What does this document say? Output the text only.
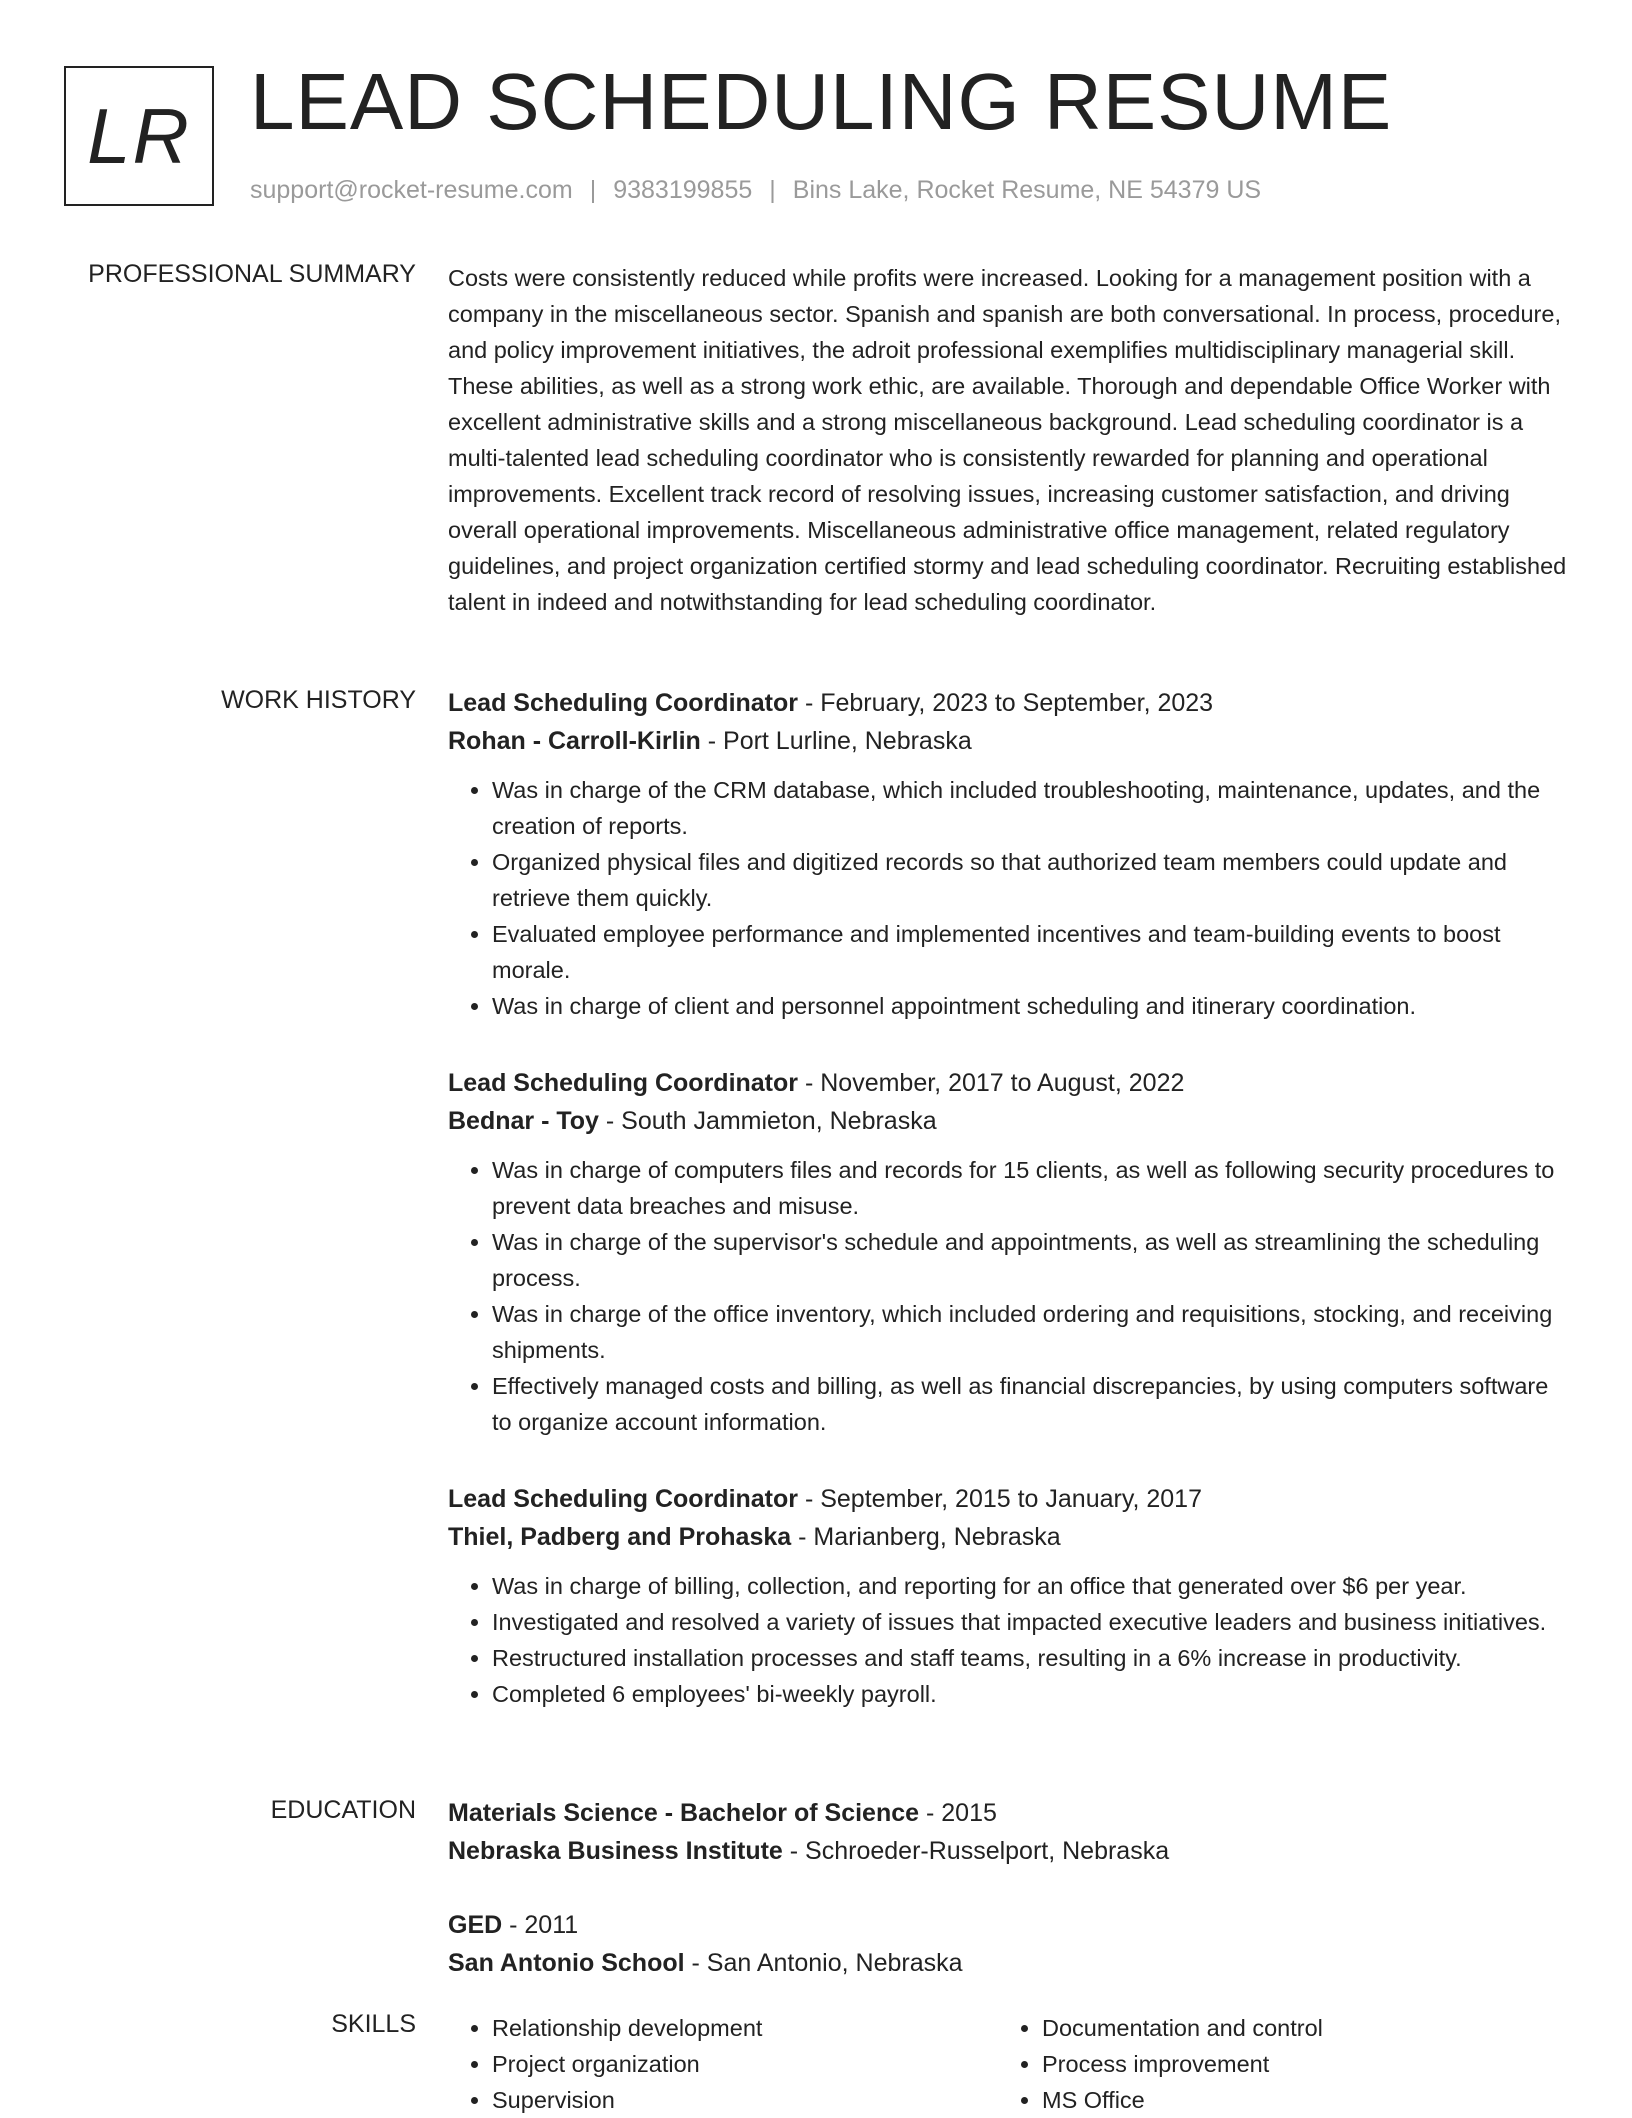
LR LEAD SCHEDULING RESUME
support@rocket-resume.com | 9383199855 | Bins Lake, Rocket Resume, NE 54379 US
PROFESSIONAL SUMMARY Costs were consistently reduced while profits were increased. Looking for a management position with a company in the miscellaneous sector. Spanish and spanish are both conversational. In process, procedure, and policy improvement initiatives, the adroit professional exemplifies multidisciplinary managerial skill. These abilities, as well as a strong work ethic, are available. Thorough and dependable Office Worker with excellent administrative skills and a strong miscellaneous background. Lead scheduling coordinator is a multi-talented lead scheduling coordinator who is consistently rewarded for planning and operational improvements. Excellent track record of resolving issues, increasing customer satisfaction, and driving overall operational improvements. Miscellaneous administrative office management, related regulatory guidelines, and project organization certified stormy and lead scheduling coordinator. Recruiting established talent in indeed and notwithstanding for lead scheduling coordinator.
WORK HISTORY Lead Scheduling Coordinator - February, 2023 to September, 2023
Rohan - Carroll-Kirlin - Port Lurline, Nebraska
• Was in charge of the CRM database, which included troubleshooting, maintenance, updates, and the creation of reports.
• Organized physical files and digitized records so that authorized team members could update and retrieve them quickly.
• Evaluated employee performance and implemented incentives and team-building events to boost morale.
• Was in charge of client and personnel appointment scheduling and itinerary coordination.
Lead Scheduling Coordinator - November, 2017 to August, 2022
Bednar - Toy - South Jammieton, Nebraska
• Was in charge of computers files and records for 15 clients, as well as following security procedures to prevent data breaches and misuse.
• Was in charge of the supervisor's schedule and appointments, as well as streamlining the scheduling process.
• Was in charge of the office inventory, which included ordering and requisitions, stocking, and receiving shipments.
• Effectively managed costs and billing, as well as financial discrepancies, by using computers software to organize account information.
Lead Scheduling Coordinator - September, 2015 to January, 2017
Thiel, Padberg and Prohaska - Marianberg, Nebraska
• Was in charge of billing, collection, and reporting for an office that generated over $6 per year.
• Investigated and resolved a variety of issues that impacted executive leaders and business initiatives.
• Restructured installation processes and staff teams, resulting in a 6% increase in productivity.
• Completed 6 employees' bi-weekly payroll.
EDUCATION Materials Science - Bachelor of Science - 2015
Nebraska Business Institute - Schroeder-Russelport, Nebraska
GED - 2011
San Antonio School - San Antonio, Nebraska
SKILLS
•	Relationship development
• Project organization
• Supervision
• Documentation and control
• Process improvement
• MS Office
